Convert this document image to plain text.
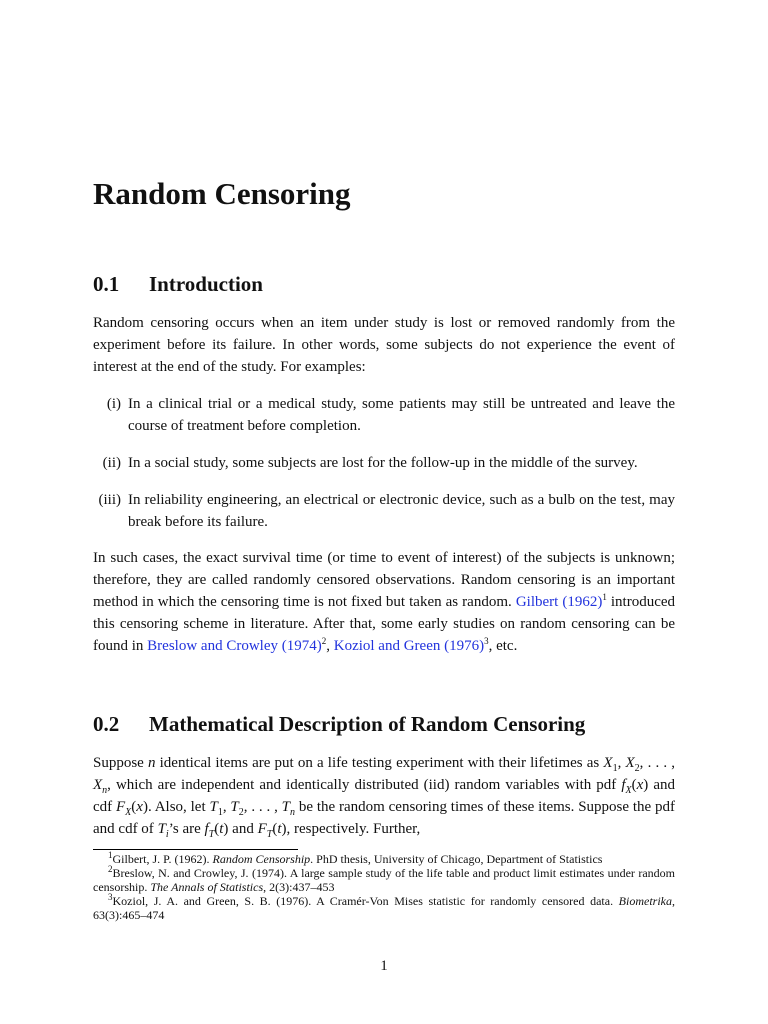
Random Censoring
0.1 Introduction

Random censoring occurs when an item under study is lost or removed randomly from the experiment before its failure. In other words, some subjects do not experience the event of interest at the end of the study. For examples:

(i) In a clinical trial or a medical study, some patients may still be untreated and leave the course of treatment before completion.
(ii) In a social study, some subjects are lost for the follow-up in the middle of the survey.
(iii) In reliability engineering, an electrical or electronic device, such as a bulb on the test, may break before its failure.

In such cases, the exact survival time (or time to event of interest) of the subjects is unknown; therefore, they are called randomly censored observations. Random censoring is an important method in which the censoring time is not fixed but taken as random. Gilbert $(1962)^1$ introduced this censoring scheme in literature. After that, some early studies on random censoring can be found in Breslow and Crowley $(1974)^2$, Koziol and Green $(1976)^3$, etc.

0.2 Mathematical Description of Random Censoring

Suppose n identical items are put on a life testing experiment with their lifetimes as $X_1$, $X_2$, . . . , $X_n$, which are independent and identically distributed (iid) random variables with pdf $f_X(x)$ and cdf $F_X(x)$. Also, let $T_1$, $T_2$, . . . , $T_n$ be the random censoring times of these items. Suppose the pdf and cdf of $T_i’s$ are $f_T(t)$ and $F_T(t)$, respectively. Further,

$^1$Gilbert, J. P. (1962). Random Censorship. PhD thesis, University of Chicago, Department of Statistics

$^2$Breslow, N. and Crowley, J. (1974). A large sample study of the life table and product limit estimates under random censorship. The Annals of Statistics, 2(3):437–453

$^3$Koziol, J. A. and Green, S. B. (1976). A Cramér-Von Mises statistic for randomly censored data. Biometrika, 63(3):465–474

1
